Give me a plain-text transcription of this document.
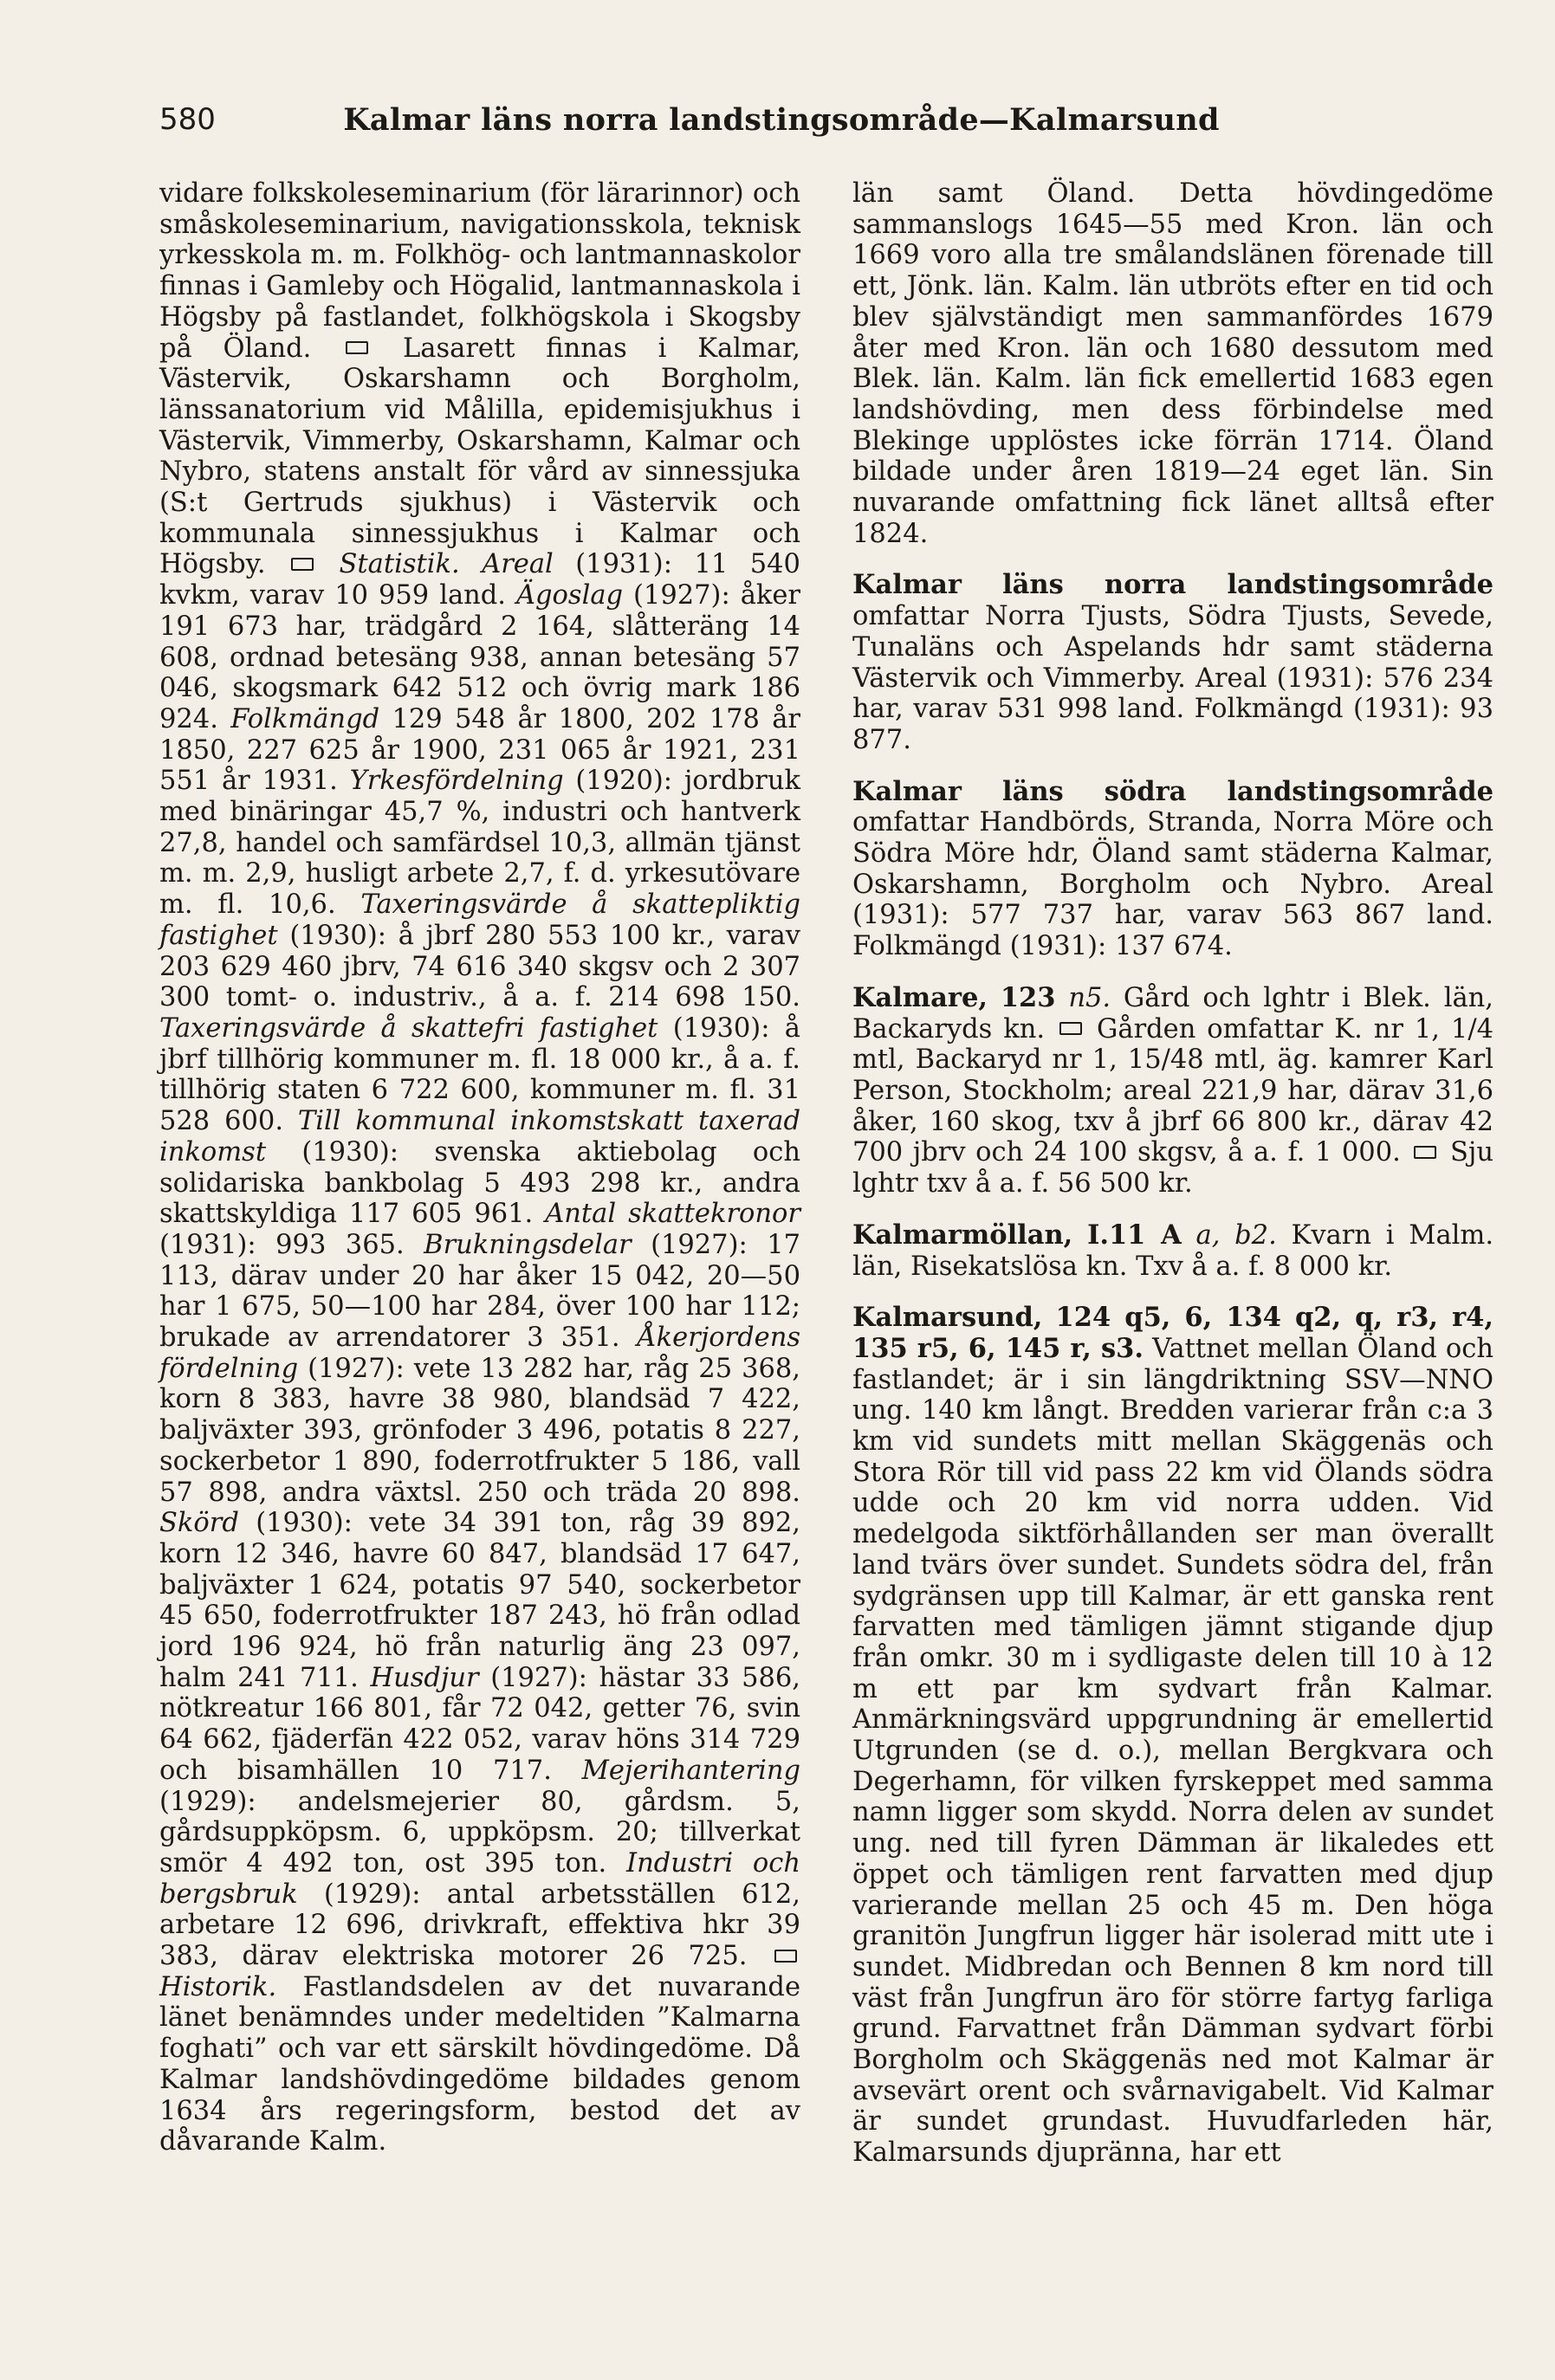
580	Kalmar läns norra landstingsområde—Kalmarsund

vidare folkskoleseminarium (för lärarinnor) och småskoleseminarium, navigationsskola, teknisk yrkesskola m. m. Folkhög- och lantmannaskolor finnas i Gamleby och Högalid, lantmannaskola i Högsby på fastlandet, folkhögskola i Skogsby på Öland.	Lasarett finnas i Kalmar, Västervik, Oskarshamn och Borgholm, länssanatorium vid Målilla, epidemisjukhus i Västervik, Vimmerby, Oskarshamn, Kalmar och Nybro, statens anstalt för vård av sinnessjuka (S:t Gertruds sjukhus) i Västervik och kommunala sinnessjukhus i Kalmar och Högsby.	Statistik. Areal (1931): 11 540 kvkm, varav 10 959 land. Ägoslag (1927): åker 191 673 har, trädgård 2 164, slåtteräng 14 608, ordnad betesäng 938, annan betesäng 57 046, skogsmark 642 512 och övrig mark 186 924. Folkmängd 129 548 år 1800, 202 178 år 1850, 227 625 år 1900, 231 065 år 1921, 231 551 år 1931. Yrkesfördelning (1920): jordbruk med binäringar 45,7 %, industri och hantverk 27,8, handel och samfärdsel 10,3, allmän tjänst m. m. 2,9, husligt arbete 2,7, f. d. yrkesutövare m. fl. 10,6. Taxeringsvärde å skattepliktig fastighet (1930): å jbrf 280 553 100 kr., varav 203 629 460 jbrv, 74 616 340 skgsv och 2 307 300 tomt- o. industriv., å a. f. 214 698 150. Taxeringsvärde å skattefri fastighet (1930): å jbrf tillhörig kommuner m. fl. 18 000 kr., å a. f. tillhörig staten 6 722 600, kommuner m. fl. 31 528 600. Till kommunal inkomstskatt taxerad inkomst (1930): svenska aktiebolag och solidariska bankbolag 5 493 298 kr., andra skattskyldiga 117 605 961. Antal skattekronor (1931): 993 365. Brukningsdelar (1927): 17 113, därav under 20 har åker 15 042, 20—50 har 1 675, 50—100 har 284, över 100 har 112; brukade av arrendatorer 3 351. Åkerjordens fördelning (1927): vete 13 282 har, råg 25 368, korn 8 383, havre 38 980, blandsäd 7 422, baljväxter 393, grönfoder 3 496, potatis 8 227, sockerbetor 1 890, foderrotfrukter 5 186, vall 57 898, andra växtsl. 250 och träda 20 898. Skörd (1930): vete 34 391 ton, råg 39 892, korn 12 346, havre 60 847, blandsäd 17 647, baljväxter 1 624, potatis 97 540, sockerbetor 45 650, foderrotfrukter 187 243, hö från odlad jord 196 924, hö från naturlig äng 23 097, halm 241 711. Husdjur (1927): hästar 33 586, nötkreatur 166 801, får 72 042, getter 76, svin 64 662, fjäderfän 422 052, varav höns 314 729 och bisamhällen 10 717. Mejerihantering (1929): andelsmejerier 80, gårdsm. 5, gårdsuppköpsm. 6, uppköpsm. 20; tillverkat smör 4 492 ton, ost 395 ton. Industri och bergsbruk (1929): antal arbetsställen 612, arbetare 12 696, drivkraft, effektiva hkr 39 383, därav elektriska motorer 26 725.  Historik. Fastlandsdelen av det nuvarande länet benämndes under medeltiden ”Kalmarna foghati” och var ett särskilt hövdingedöme. Då Kalmar landshövdingedöme bildades genom 1634 års regeringsform, bestod det av dåvarande Kalm.

län samt Öland. Detta hövdingedöme sammanslogs 1645—55 med Kron. län och 1669 voro alla tre smålandslänen förenade till ett, Jönk. län. Kalm. län utbröts efter en tid och blev självständigt men sammanfördes 1679 åter med Kron. län och 1680 dessutom med Blek. län. Kalm. län fick emellertid 1683 egen landshövding, men dess förbindelse med Blekinge upplöstes icke förrän 1714. Öland bildade under åren 1819—24 eget län. Sin nuvarande omfattning fick länet alltså efter 1824.

Kalmar läns norra landstingsområde omfattar Norra Tjusts, Södra Tjusts, Sevede, Tunaläns och Aspelands hdr samt städerna Västervik och Vimmerby. Areal (1931): 576 234 har, varav 531 998 land. Folkmängd (1931): 93 877.

Kalmar läns södra landstingsområde omfattar Handbörds, Stranda, Norra Möre och Södra Möre hdr, Öland samt städerna Kalmar, Oskarshamn, Borgholm och Nybro. Areal (1931): 577 737 har, varav 563 867 land. Folkmängd (1931): 137 674.

Kalmare, 123 n5. Gård och lghtr i Blek. län, Backaryds kn. Gården omfattar K. nr 1, 1/4 mtl, Backaryd nr 1, 15/48 mtl, äg. kamrer Karl Person, Stockholm; areal 221,9 har, därav 31,6 åker, 160 skog, txv å jbrf 66 800 kr., därav 42 700 jbrv och 24 100 skgsv, å a. f. 1 000. Sju lghtr txv å a. f. 56 500 kr.

Kalmarmöllan, I.11 A a, b2. Kvarn i Malm. län, Risekatslösa kn. Txv å a. f. 8 000 kr.

Kalmarsund, 124 q5, 6, 134 q2, q, r3, r4, 135 r5, 6, 145 r, s3. Vattnet mellan Öland och fastlandet; är i sin längdriktning SSV—NNO ung. 140 km långt. Bredden varierar från c:a 3 km vid sundets mitt mellan Skäggenäs och Stora Rör till vid pass 22 km vid Ölands södra udde och 20 km vid norra udden. Vid medelgoda siktförhållanden ser man överallt land tvärs över sundet. Sundets södra del, från sydgränsen upp till Kalmar, är ett ganska rent farvatten med tämligen jämnt stigande djup från omkr. 30 m i sydligaste delen till 10 à 12 m ett par km sydvart från Kalmar. Anmärkningsvärd uppgrundning är emellertid Utgrunden (se d. o.), mellan Bergkvara och Degerhamn, för vilken fyrskeppet med samma namn ligger som skydd. Norra delen av sundet ung. ned till fyren Dämman är likaledes ett öppet och tämligen rent farvatten med djup varierande mellan 25 och 45 m. Den höga granitön Jungfrun ligger här isolerad mitt ute i sundet. Midbredan och Bennen 8 km nord till väst från Jungfrun äro för större fartyg farliga grund. Farvattnet från Dämman sydvart förbi Borgholm och Skäggenäs ned mot Kalmar är avsevärt orent och svårnavigabelt. Vid Kalmar är sundet grundast. Huvudfarleden här, Kalmarsunds djupränna, har ett
